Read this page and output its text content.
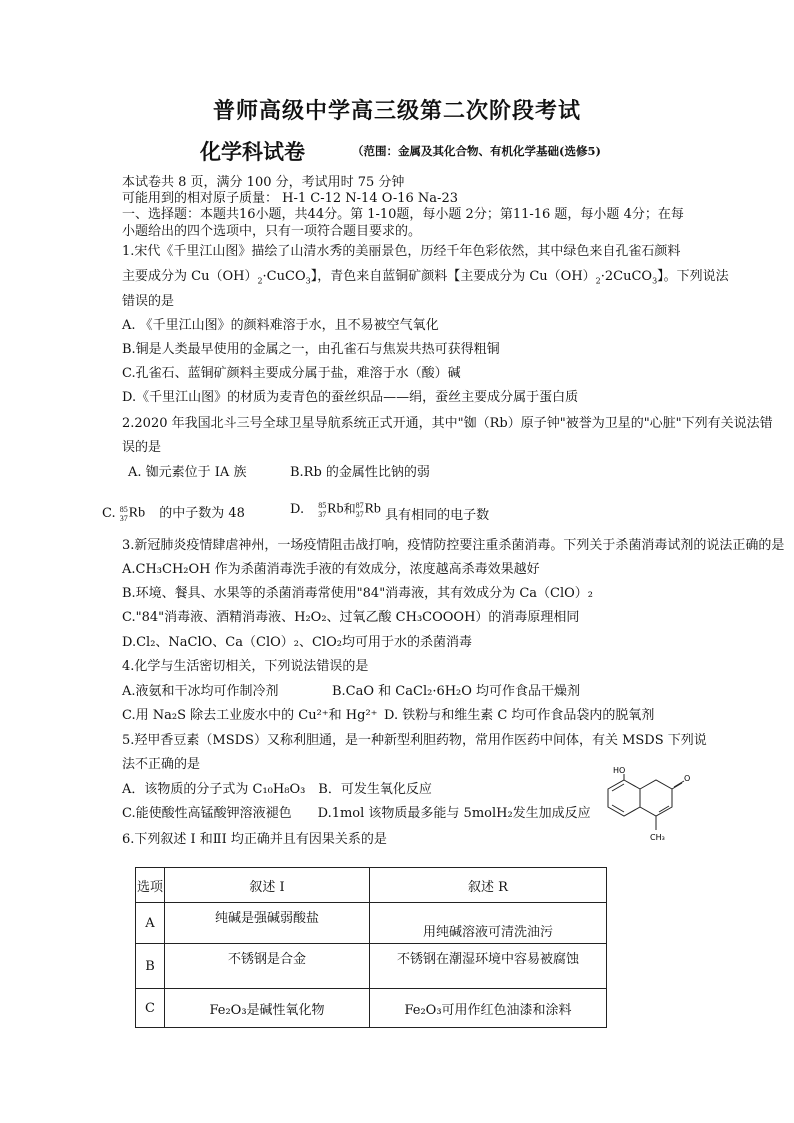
普师高级中学高三级第二次阶段考试
化学科试卷	（范围：金属及其化合物、有机化学基础(选修5)
本试卷共 8 页，满分 100 分，考试用时 75 分钟
可能用到的相对原子质量： H-1 C-12 N-14 O-16 Na-23
一、选择题：本题共16小题，共44分。第 1-10题，每小题 2分；第11-16 题，每小题 4分；在每
小题给出的四个选项中，只有一项符合题目要求的。
1.宋代《千里江山图》描绘了山清水秀的美丽景色，历经千年色彩依然，其中绿色来自孔雀石颜料
主要成分为 $Cu(OH)_2\cdot CuCO_3$】，青色来自蓝铜矿颜料【主要成分为 $Cu(OH)_2\cdot 2CuCO_3$】。下列说法
错误的是
A. 《千里江山图》的颜料难溶于水，且不易被空气氧化
B.铜是人类最早使用的金属之一，由孔雀石与焦炭共热可获得粗铜
C.孔雀石、蓝铜矿颜料主要成分属于盐，难溶于水（酸）碱
D.《千里江山图》的材质为麦青色的蚕丝织品——绢，蚕丝主要成分属于蛋白质
2.2020 年我国北斗三号全球卫星导航系统正式开通，其中"铷（Rb）原子钟"被誉为卫星的"心脏"下列有关说法错
误的是
A. 铷元素位于 IA 族	B.Rb 的金属性比钠的弱
C. 85
37Rb 的中子数为 48	D. 85
37Rb和87
37Rb 具有相同的电子数
3.新冠肺炎疫情肆虐神州，一场疫情阻击战打响，疫情防控要注重杀菌消毒。下列关于杀菌消毒试剂的说法正确的是
A.CH₃CH₂OH 作为杀菌消毒洗手液的有效成分，浓度越高杀毒效果越好
B.环境、餐具、水果等的杀菌消毒常使用"84"消毒液，其有效成分为 Ca（ClO）₂
C."84"消毒液、酒精消毒液、H₂O₂、过氧乙酸 CH₃COOOH）的消毒原理相同
D.Cl₂、NaClO、Ca（ClO）₂、ClO₂均可用于水的杀菌消毒
4.化学与生活密切相关，下列说法错误的是
A.液氨和干冰均可作制冷剂	B.CaO 和 CaCl₂·6H₂O 均可作食品干燥剂
C.用 Na₂S 除去工业废水中的 Cu²⁺和 Hg²⁺ D. 铁粉与和维生素 C 均可作食品袋内的脱氧剂
5.羟甲香豆素（MSDS）又称利胆通，是一种新型利胆药物，常用作医药中间体，有关 MSDS 下列说
法不正确的是
A．该物质的分子式为 C₁₀H₈O₃　B．可发生氧化反应
C.能使酸性高锰酸钾溶液褪色　　D.1mol 该物质最多能与 5molH₂发生加成反应
HO
O
CH₃
6.下列叙述 I 和ⅡI 均正确并且有因果关系的是
选项	叙述 I	叙述 R
A	纯碱是强碱弱酸盐	用纯碱溶液可清洗油污
B	不锈钢是合金	不锈钢在潮湿环境中容易被腐蚀
C	Fe₂O₃是碱性氧化物	Fe₂O₃可用作红色油漆和涂料
